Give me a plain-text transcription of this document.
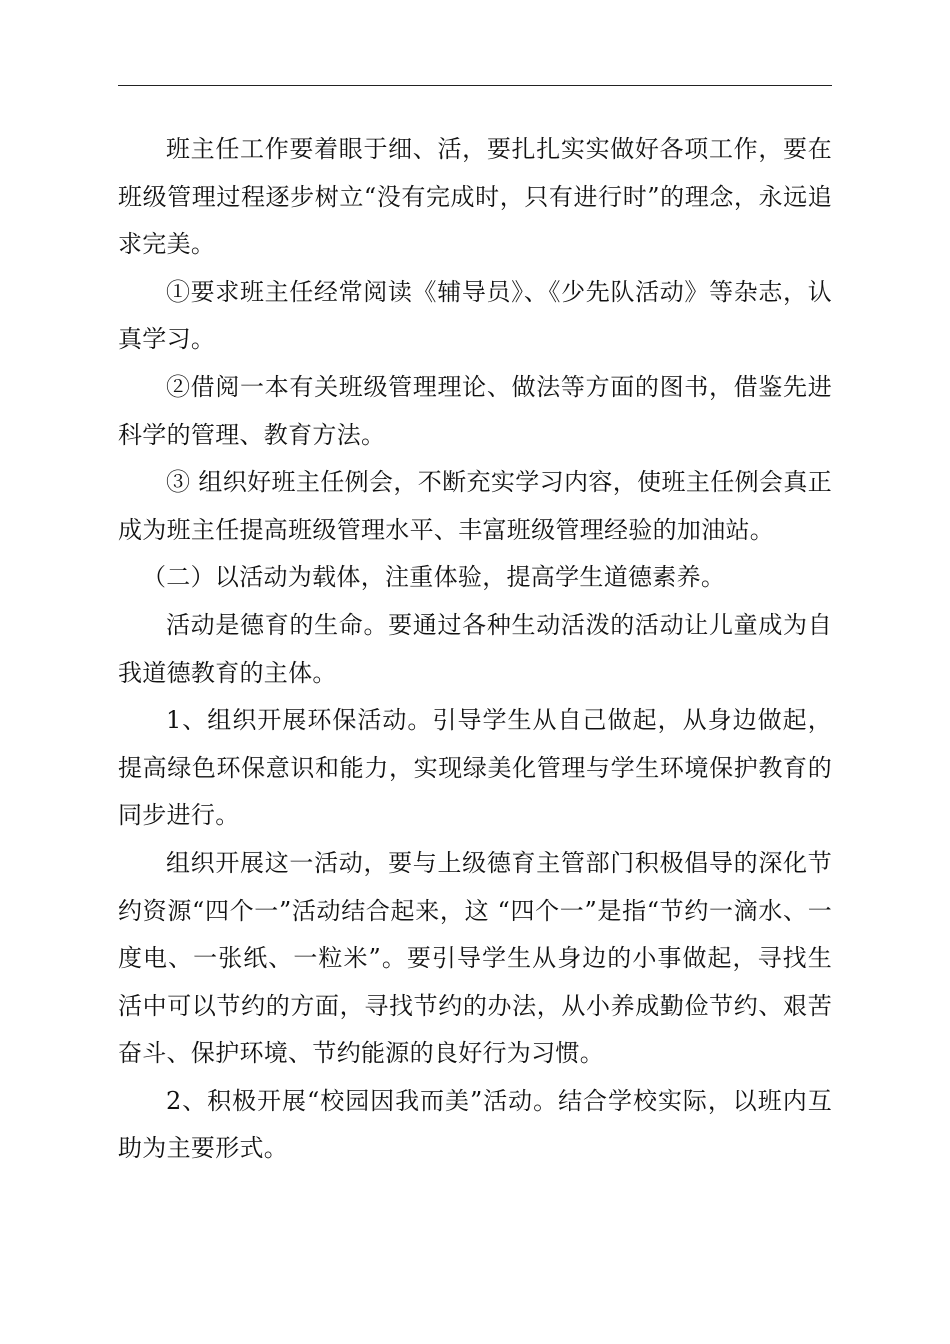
班主任工作要着眼于细、活，要扎扎实实做好各项工作，要在班级管理过程逐步树立“没有完成时，只有进行时”的理念，永远追求完美。

①要求班主任经常阅读《辅导员》、《少先队活动》等杂志，认真学习。

②借阅一本有关班级管理理论、做法等方面的图书，借鉴先进科学的管理、教育方法。

③ 组织好班主任例会，不断充实学习内容，使班主任例会真正成为班主任提高班级管理水平、丰富班级管理经验的加油站。

（二）以活动为载体，注重体验，提高学生道德素养。

活动是德育的生命。要通过各种生动活泼的活动让儿童成为自我道德教育的主体。

1、组织开展环保活动。引导学生从自己做起，从身边做起，提高绿色环保意识和能力，实现绿美化管理与学生环境保护教育的同步进行。

组织开展这一活动，要与上级德育主管部门积极倡导的深化节约资源“四个一”活动结合起来，这 “四个一”是指“节约一滴水、一度电、一张纸、一粒米”。要引导学生从身边的小事做起，寻找生活中可以节约的方面，寻找节约的办法，从小养成勤俭节约、艰苦奋斗、保护环境、节约能源的良好行为习惯。

2、积极开展“校园因我而美”活动。结合学校实际，以班内互助为主要形式。
